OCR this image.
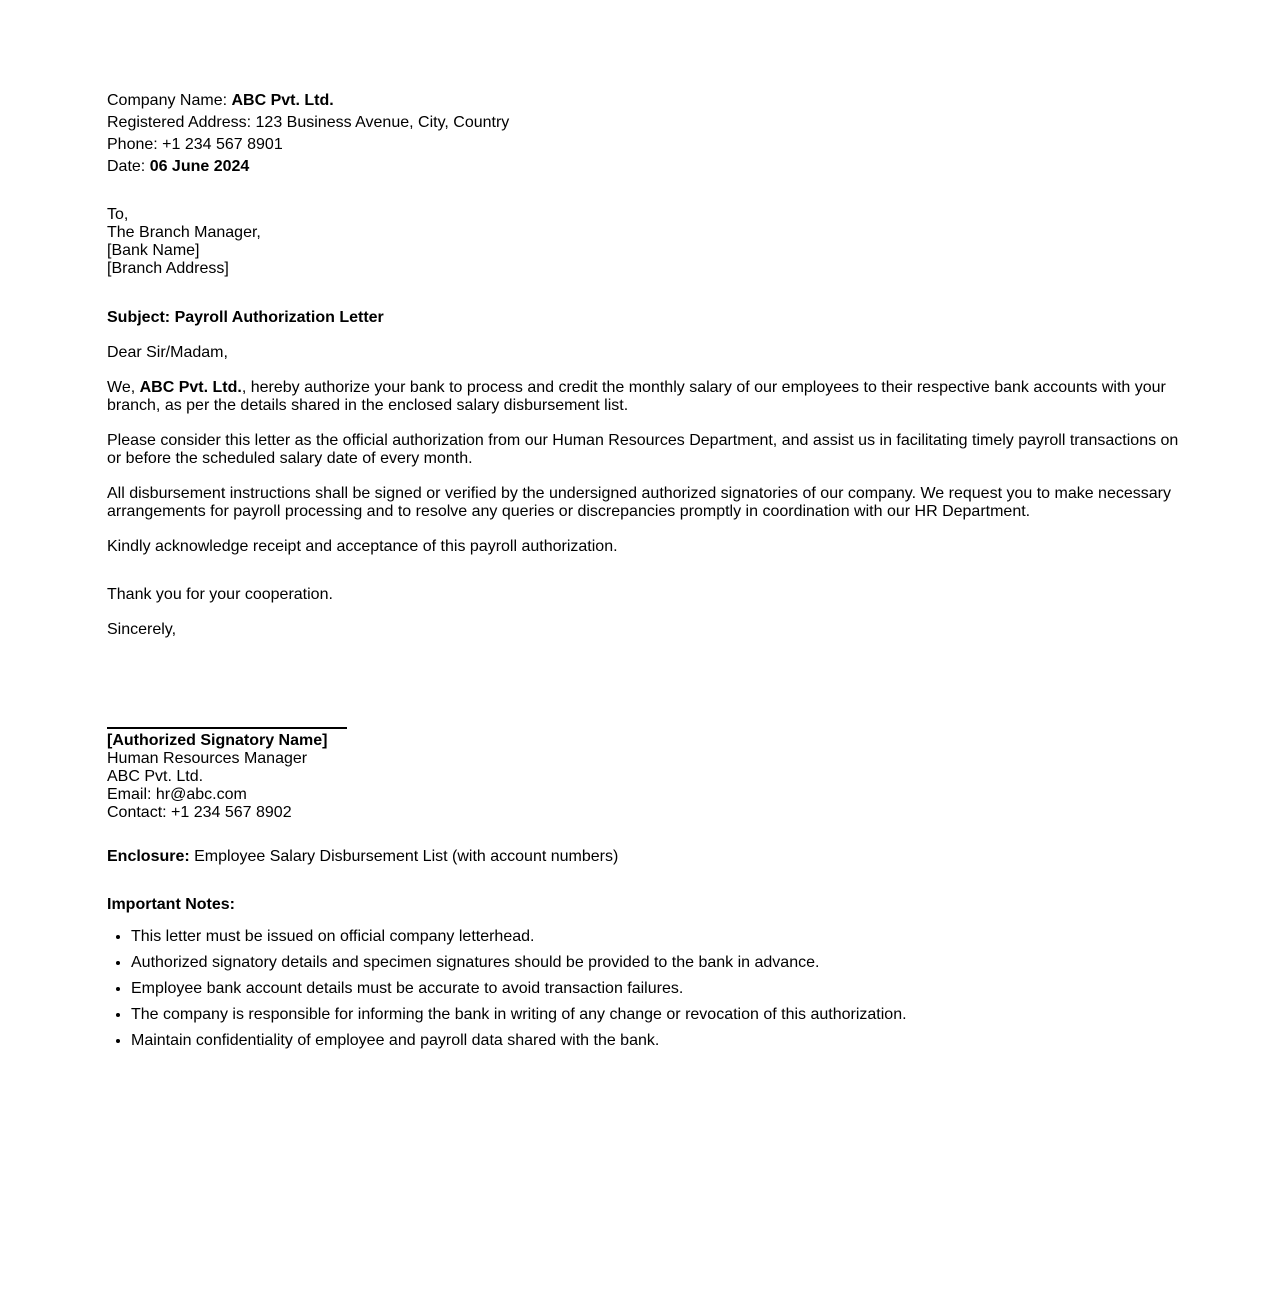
Company Name: ABC Pvt. Ltd.
Registered Address: 123 Business Avenue, City, Country
Phone: +1 234 567 8901
Date: 06 June 2024
To,
The Branch Manager,
[Bank Name]
[Branch Address]

Subject: Payroll Authorization Letter

Dear Sir/Madam,

We, ABC Pvt. Ltd., hereby authorize your bank to process and credit the monthly salary of our employees to their respective bank accounts with your branch, as per the details shared in the enclosed salary disbursement list.

Please consider this letter as the official authorization from our Human Resources Department, and assist us in facilitating timely payroll transactions on or before the scheduled salary date of every month.

All disbursement instructions shall be signed or verified by the undersigned authorized signatories of our company. We request you to make necessary arrangements for payroll processing and to resolve any queries or discrepancies promptly in coordination with our HR Department.

Kindly acknowledge receipt and acceptance of this payroll authorization.

Thank you for your cooperation.

Sincerely,

[Authorized Signatory Name]
Human Resources Manager
ABC Pvt. Ltd.
Email: hr@abc.com
Contact: +1 234 567 8902

Enclosure: Employee Salary Disbursement List (with account numbers)

Important Notes:

• This letter must be issued on official company letterhead.
• Authorized signatory details and specimen signatures should be provided to the bank in advance.
• Employee bank account details must be accurate to avoid transaction failures.
• The company is responsible for informing the bank in writing of any change or revocation of this authorization.
• Maintain confidentiality of employee and payroll data shared with the bank.
